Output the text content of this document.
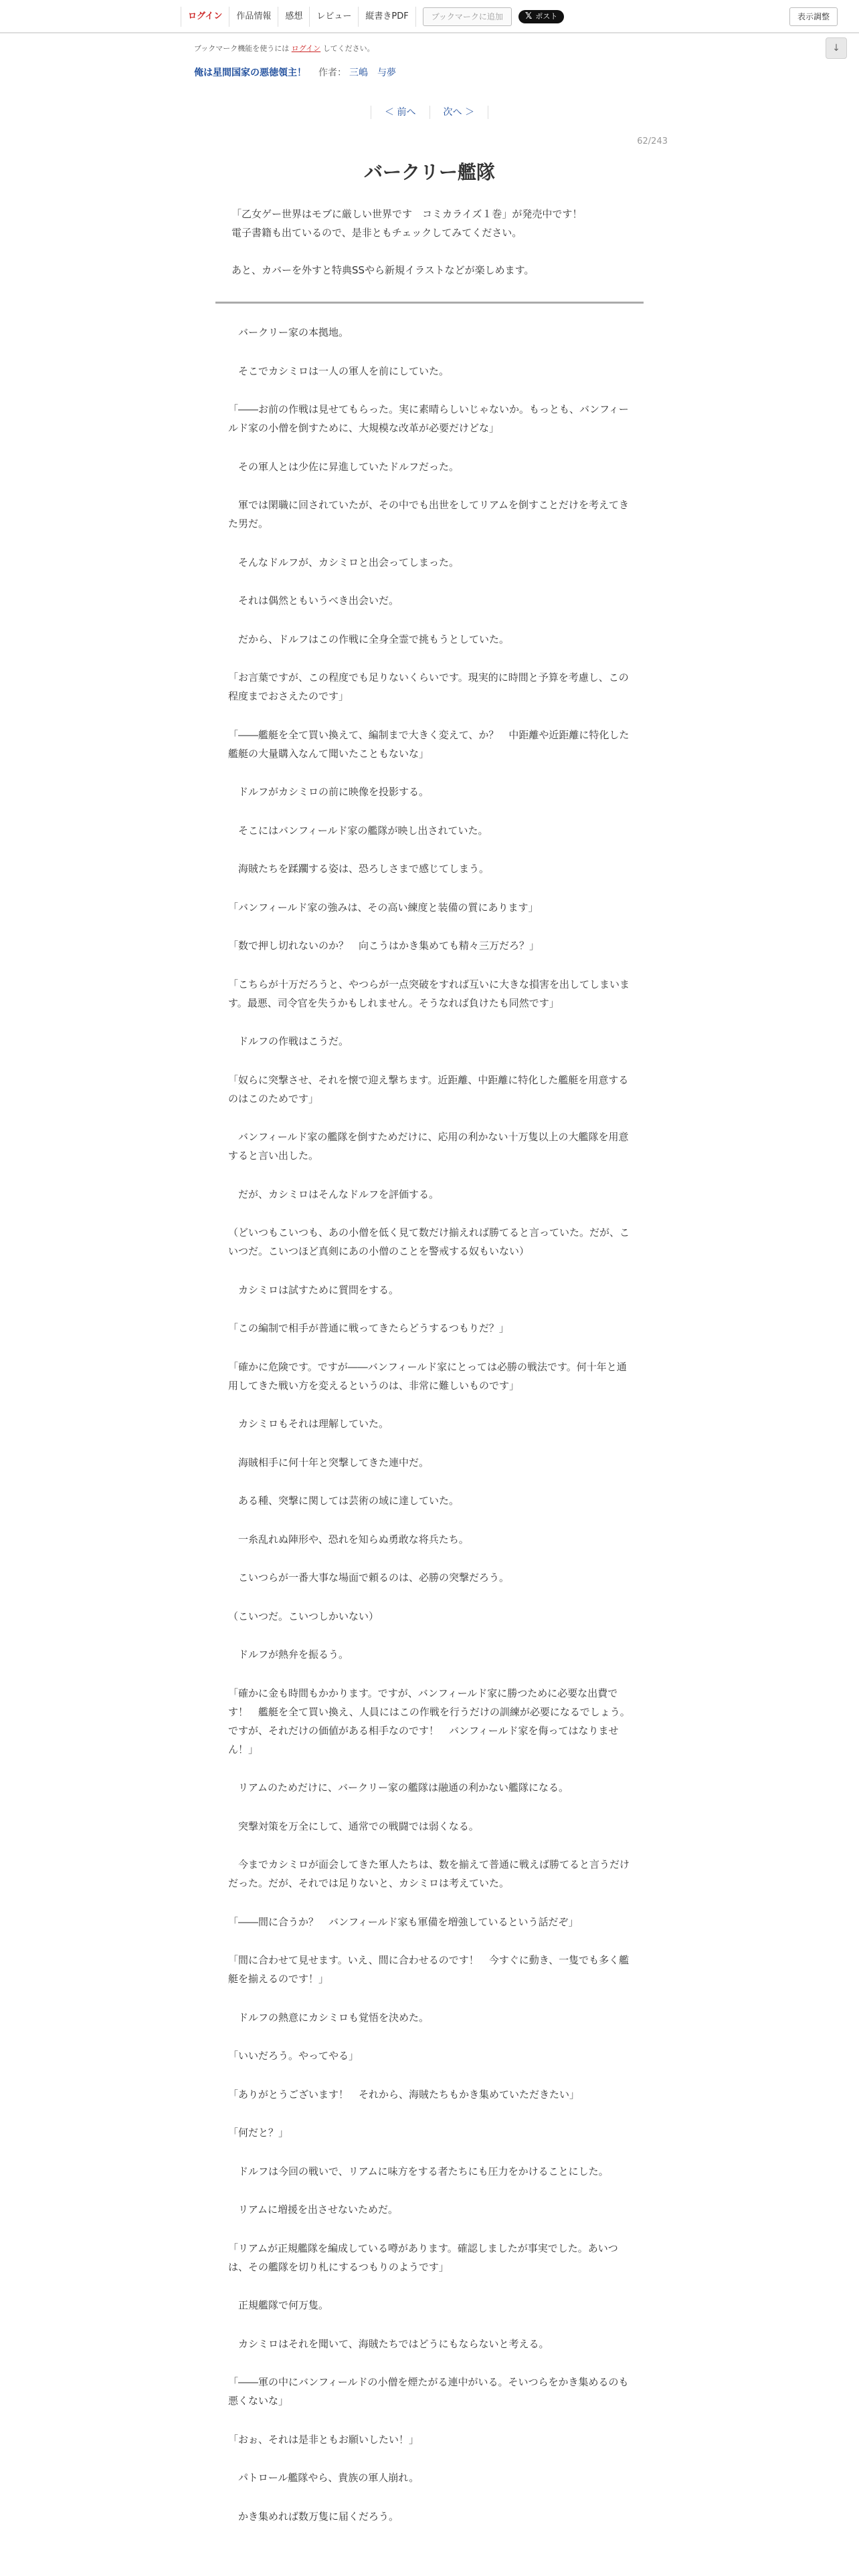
ログイン	作品情報	感想	レビュー	縦書きPDF	ブックマークに追加	𝕏 ポスト	表示調整
↓
ブックマーク機能を使うには ログイン してください。
俺は星間国家の悪徳領主！ 作者： 三嶋　与夢
＜ 前へ	次へ ＞
62/243
バークリー艦隊

「乙女ゲー世界はモブに厳しい世界です　コミカライズ１巻」が発売中です！

電子書籍も出ているので、是非ともチェックしてみてください。

あと、カバーを外すと特典SSやら新規イラストなどが楽しめます。

バークリー家の本拠地。

そこでカシミロは一人の軍人を前にしていた。

「――お前の作戦は見せてもらった。実に素晴らしいじゃないか。もっとも、バンフィールド家の小僧を倒すために、大規模な改革が必要だけどな」

その軍人とは少佐に昇進していたドルフだった。

軍では閑職に回されていたが、その中でも出世をしてリアムを倒すことだけを考えてきた男だ。

そんなドルフが、カシミロと出会ってしまった。

それは偶然ともいうべき出会いだ。

だから、ドルフはこの作戦に全身全霊で挑もうとしていた。

「お言葉ですが、この程度でも足りないくらいです。現実的に時間と予算を考慮し、この程度までおさえたのです」

「――艦艇を全て買い換えて、編制まで大きく変えて、か？　中距離や近距離に特化した艦艇の大量購入なんて聞いたこともないな」

ドルフがカシミロの前に映像を投影する。

そこにはバンフィールド家の艦隊が映し出されていた。

海賊たちを蹂躙する姿は、恐ろしさまで感じてしまう。

「バンフィールド家の強みは、その高い練度と装備の質にあります」

「数で押し切れないのか？　向こうはかき集めても精々三万だろ？」

「こちらが十万だろうと、やつらが一点突破をすれば互いに大きな損害を出してしまいます。最悪、司令官を失うかもしれません。そうなれば負けたも同然です」

ドルフの作戦はこうだ。

「奴らに突撃させ、それを懐で迎え撃ちます。近距離、中距離に特化した艦艇を用意するのはこのためです」

バンフィールド家の艦隊を倒すためだけに、応用の利かない十万隻以上の大艦隊を用意すると言い出した。

だが、カシミロはそんなドルフを評価する。

（どいつもこいつも、あの小僧を低く見て数だけ揃えれば勝てると言っていた。だが、こいつだ。こいつほど真剣にあの小僧のことを警戒する奴もいない）

カシミロは試すために質問をする。

「この編制で相手が普通に戦ってきたらどうするつもりだ？」

「確かに危険です。ですが――バンフィールド家にとっては必勝の戦法です。何十年と通用してきた戦い方を変えるというのは、非常に難しいものです」

カシミロもそれは理解していた。

海賊相手に何十年と突撃してきた連中だ。

ある種、突撃に関しては芸術の域に達していた。

一糸乱れぬ陣形や、恐れを知らぬ勇敢な将兵たち。

こいつらが一番大事な場面で頼るのは、必勝の突撃だろう。

（こいつだ。こいつしかいない）

ドルフが熱弁を振るう。

「確かに金も時間もかかります。ですが、バンフィールド家に勝つために必要な出費です！　艦艇を全て買い換え、人員にはこの作戦を行うだけの訓練が必要になるでしょう。ですが、それだけの価値がある相手なのです！　バンフィールド家を侮ってはなりません！」

リアムのためだけに、バークリー家の艦隊は融通の利かない艦隊になる。

突撃対策を万全にして、通常での戦闘では弱くなる。

今までカシミロが面会してきた軍人たちは、数を揃えて普通に戦えば勝てると言うだけだった。だが、それでは足りないと、カシミロは考えていた。

「――間に合うか？　バンフィールド家も軍備を増強しているという話だぞ」

「間に合わせて見せます。いえ、間に合わせるのです！　今すぐに動き、一隻でも多く艦艇を揃えるのです！」

ドルフの熱意にカシミロも覚悟を決めた。

「いいだろう。やってやる」

「ありがとうございます！　それから、海賊たちもかき集めていただきたい」

「何だと？」

ドルフは今回の戦いで、リアムに味方をする者たちにも圧力をかけることにした。

リアムに増援を出させないためだ。

「リアムが正規艦隊を編成している噂があります。確認しましたが事実でした。あいつは、その艦隊を切り札にするつもりのようです」

正規艦隊で何万隻。

カシミロはそれを聞いて、海賊たちではどうにもならないと考える。

「――軍の中にバンフィールドの小僧を煙たがる連中がいる。そいつらをかき集めるのも悪くないな」

「おぉ、それは是非ともお願いしたい！」

パトロール艦隊やら、貴族の軍人崩れ。

かき集めれば数万隻に届くだろう。
